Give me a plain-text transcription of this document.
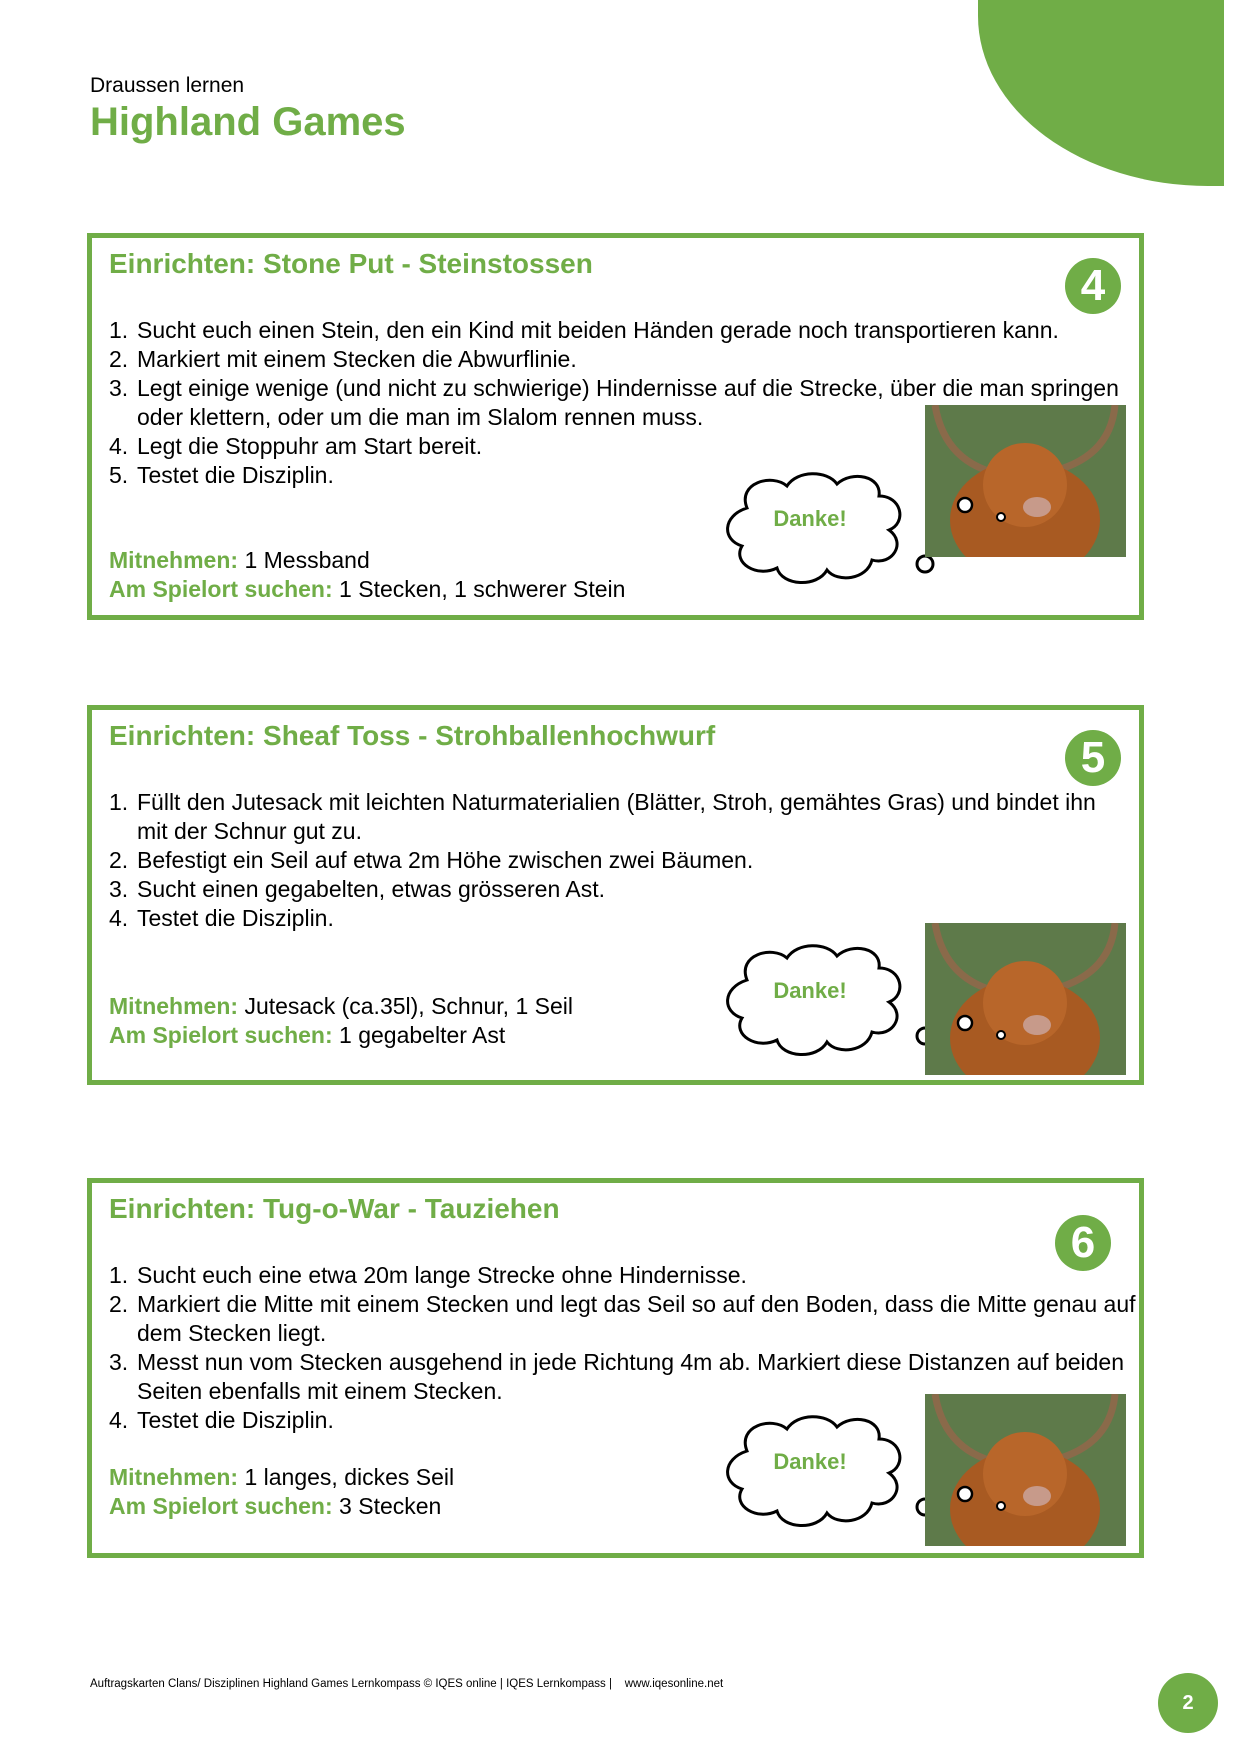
Draussen lernen
Highland Games
Einrichten: Stone Put - Steinstossen	4
1. Sucht euch einen Stein, den ein Kind mit beiden Händen gerade noch transportieren kann.
2. Markiert mit einem Stecken die Abwurflinie.
3. Legt einige wenige (und nicht zu schwierige) Hindernisse auf die Strecke, über die man springen oder klettern, oder um die man im Slalom rennen muss.
4. Legt die Stoppuhr am Start bereit.
5. Testet die Disziplin.
Mitnehmen: 1 Messband
Am Spielort suchen: 1 Stecken, 1 schwerer Stein
Danke!
Einrichten: Sheaf Toss - Strohballenhochwurf	5
1. Füllt den Jutesack mit leichten Naturmaterialien (Blätter, Stroh, gemähtes Gras) und bindet ihn mit der Schnur gut zu.
2. Befestigt ein Seil auf etwa 2m Höhe zwischen zwei Bäumen.
3. Sucht einen gegabelten, etwas grösseren Ast.
4. Testet die Disziplin.
Mitnehmen: Jutesack (ca.35l), Schnur, 1 Seil
Am Spielort suchen: 1 gegabelter Ast
Danke!
Einrichten: Tug-o-War - Tauziehen
6
1. Sucht euch eine etwa 20m lange Strecke ohne Hindernisse.
2. Markiert die Mitte mit einem Stecken und legt das Seil so auf den Boden, dass die Mitte genau auf dem Stecken liegt.
3. Messt nun vom Stecken ausgehend in jede Richtung 4m ab. Markiert diese Distanzen auf beiden Seiten ebenfalls mit einem Stecken.
4. Testet die Disziplin.
Mitnehmen: 1 langes, dickes Seil
Am Spielort suchen: 3 Stecken
Danke!
Auftragskarten Clans/ Disziplinen Highland Games Lernkompass © IQES online | IQES Lernkompass |    www.iqesonline.net
2
